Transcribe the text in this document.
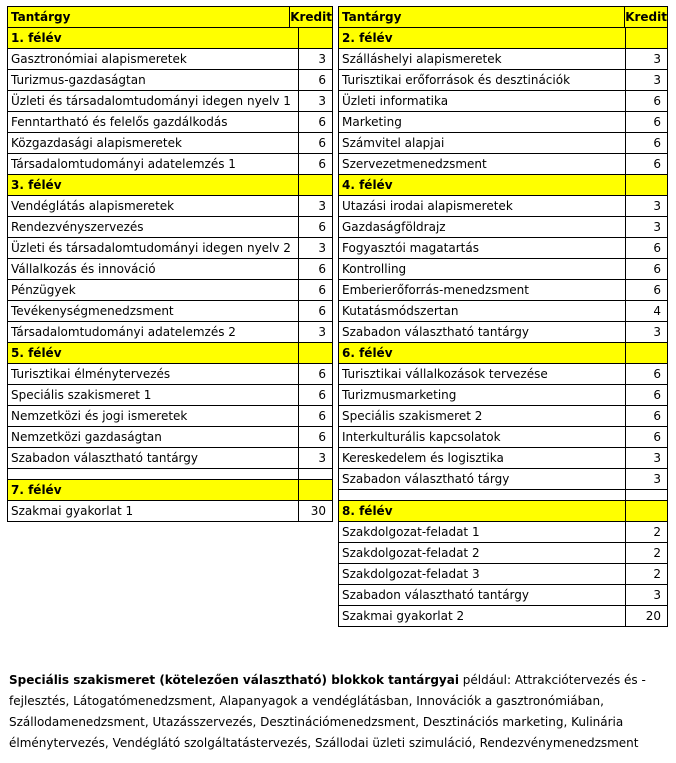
Tantárgy	Kredit
1. félév
Gasztronómiai alapismeretek	3
Turizmus-gazdaságtan	6
Üzleti és társadalomtudományi idegen nyelv 1	3
Fenntartható és felelős gazdálkodás	6
Közgazdasági alapismeretek	6
Társadalomtudományi adatelemzés 1	6
3. félév
Vendéglátás alapismeretek	3
Rendezvényszervezés	6
Üzleti és társadalomtudományi idegen nyelv 2	3
Vállalkozás és innováció	6
Pénzügyek	6
Tevékenységmenedzsment	6
Társadalomtudományi adatelemzés 2	3
5. félév
Turisztikai élménytervezés	6
Speciális szakismeret 1	6
Nemzetközi és jogi ismeretek	6
Nemzetközi gazdaságtan	6
Szabadon választható tantárgy	3
7. félév
Szakmai gyakorlat 1	30
Tantárgy	Kredit
2. félév
Szálláshelyi alapismeretek	3
Turisztikai erőforrások és desztinációk	3
Üzleti informatika	6
Marketing	6
Számvitel alapjai	6
Szervezetmenedzsment	6
4. félév
Utazási irodai alapismeretek	3
Gazdaságföldrajz	3
Fogyasztói magatartás	6
Kontrolling	6
Emberierőforrás-menedzsment	6
Kutatásmódszertan	4
Szabadon választható tantárgy	3
6. félév
Turisztikai vállalkozások tervezése	6
Turizmusmarketing	6
Speciális szakismeret 2	6
Interkulturális kapcsolatok	6
Kereskedelem és logisztika	3
Szabadon választható tárgy	3
8. félév
Szakdolgozat-feladat 1	2
Szakdolgozat-feladat 2	2
Szakdolgozat-feladat 3	2
Szabadon választható tantárgy	3
Szakmai gyakorlat 2	20
Speciális szakismeret (kötelezően választható) blokkok tantárgyai például: Attrakciótervezés és -fejlesztés, Látogatómenedzsment, Alapanyagok a vendéglátásban, Innovációk a gasztronómiában, Szállodamenedzsment, Utazásszervezés, Desztinációmenedzsment, Desztinációs marketing, Kulinária élménytervezés, Vendéglátó szolgáltatástervezés, Szállodai üzleti szimuláció, Rendezvénymenedzsment
